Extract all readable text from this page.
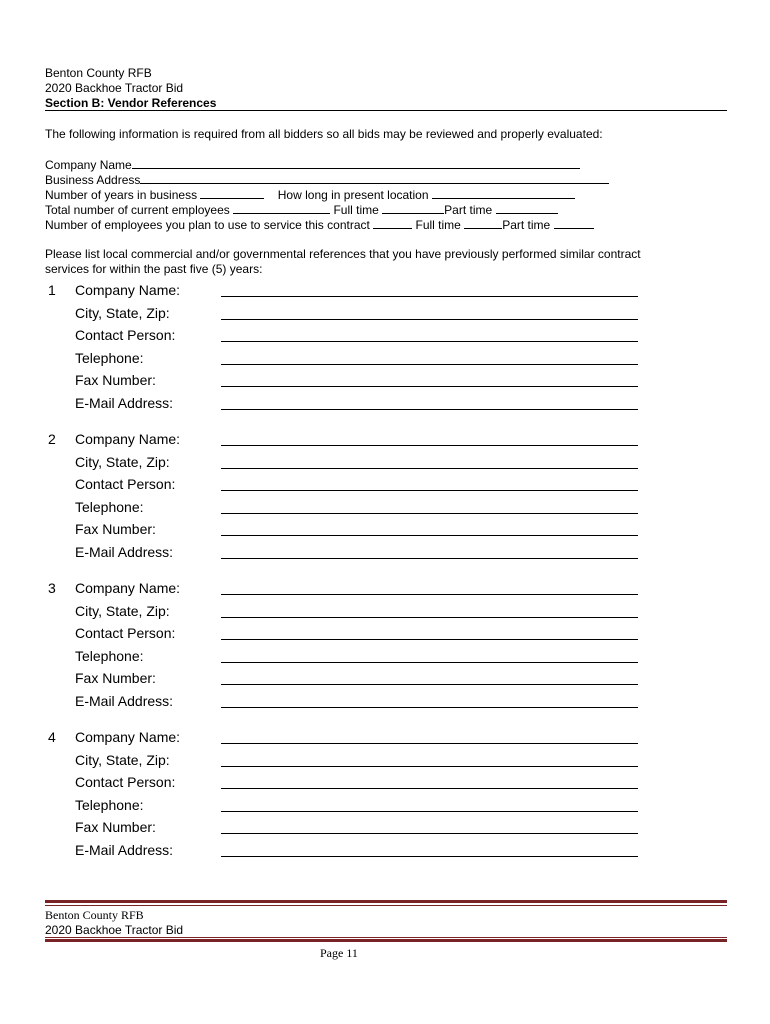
Benton County RFB
2020 Backhoe Tractor Bid
Section B: Vendor References
The following information is required from all bidders so all bids may be reviewed and properly evaluated:
Company Name
Business Address
Number of years in business	How long in present location
Total number of current employees	Full time	Part time
Number of employees you plan to use to service this contract	Full time	Part time
Please list local commercial and/or governmental references that you have previously performed similar contract
services for within the past five (5) years:
1 Company Name:
City, State, Zip:
Contact Person:
Telephone:
Fax Number:
E-Mail Address:
2 Company Name:
City, State, Zip:
Contact Person:
Telephone:
Fax Number:
E-Mail Address:
3 Company Name:
City, State, Zip:
Contact Person:
Telephone:
Fax Number:
E-Mail Address:
4 Company Name:
City, State, Zip:
Contact Person:
Telephone:
Fax Number:
E-Mail Address:
Benton County RFB
2020 Backhoe Tractor Bid
Page 11
